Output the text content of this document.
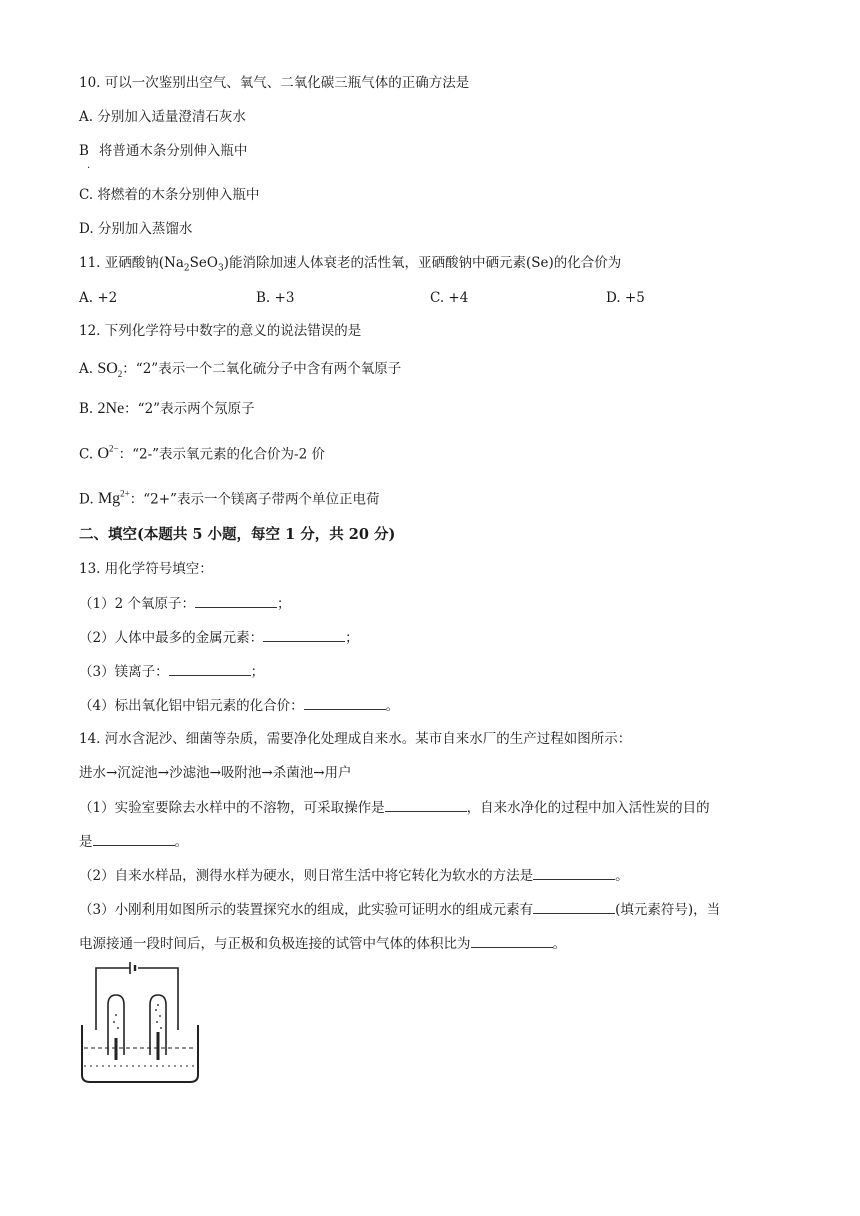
10. 可以一次鉴别出空气、氧气、二氧化碳三瓶气体的正确方法是
A. 分别加入适量澄清石灰水
B 将普通木条分别伸入瓶中
·
C. 将燃着的木条分别伸入瓶中
D. 分别加入蒸馏水
11. 亚硒酸钠$(Na_2SeO_3)$能消除加速人体衰老的活性氧，亚硒酸钠中硒元素(Se)的化合价为
A. +2	B. +3	C. +4	D. +5
12. 下列化学符号中数字的意义的说法错误的是
A. $SO_2$：“2”表示一个二氧化硫分子中含有两个氧原子
B. 2Ne：“2”表示两个氖原子
C. $O^{2-}$：“2-”表示氧元素的化合价为-2 价
D. $Mg^{2+}$：“2+”表示一个镁离子带两个单位正电荷
二、填空(本题共 5 小题，每空 1 分，共 20 分)
13. 用化学符号填空：
（1）2 个氧原子：	；
（2）人体中最多的金属元素：	；
（3）镁离子：	；
（4）标出氧化铝中铝元素的化合价：	。
14. 河水含泥沙、细菌等杂质，需要净化处理成自来水。某市自来水厂的生产过程如图所示：
进水→沉淀池→沙滤池→吸附池→杀菌池→用户
（1）实验室要除去水样中的不溶物，可采取操作是	，自来水净化的过程中加入活性炭的目的
是	。
（2）自来水样品，测得水样为硬水，则日常生活中将它转化为软水的方法是	。
（3）小刚利用如图所示的装置探究水的组成，此实验可证明水的组成元素有	(填元素符号)，当
电源接通一段时间后，与正极和负极连接的试管中气体的体积比为	。
